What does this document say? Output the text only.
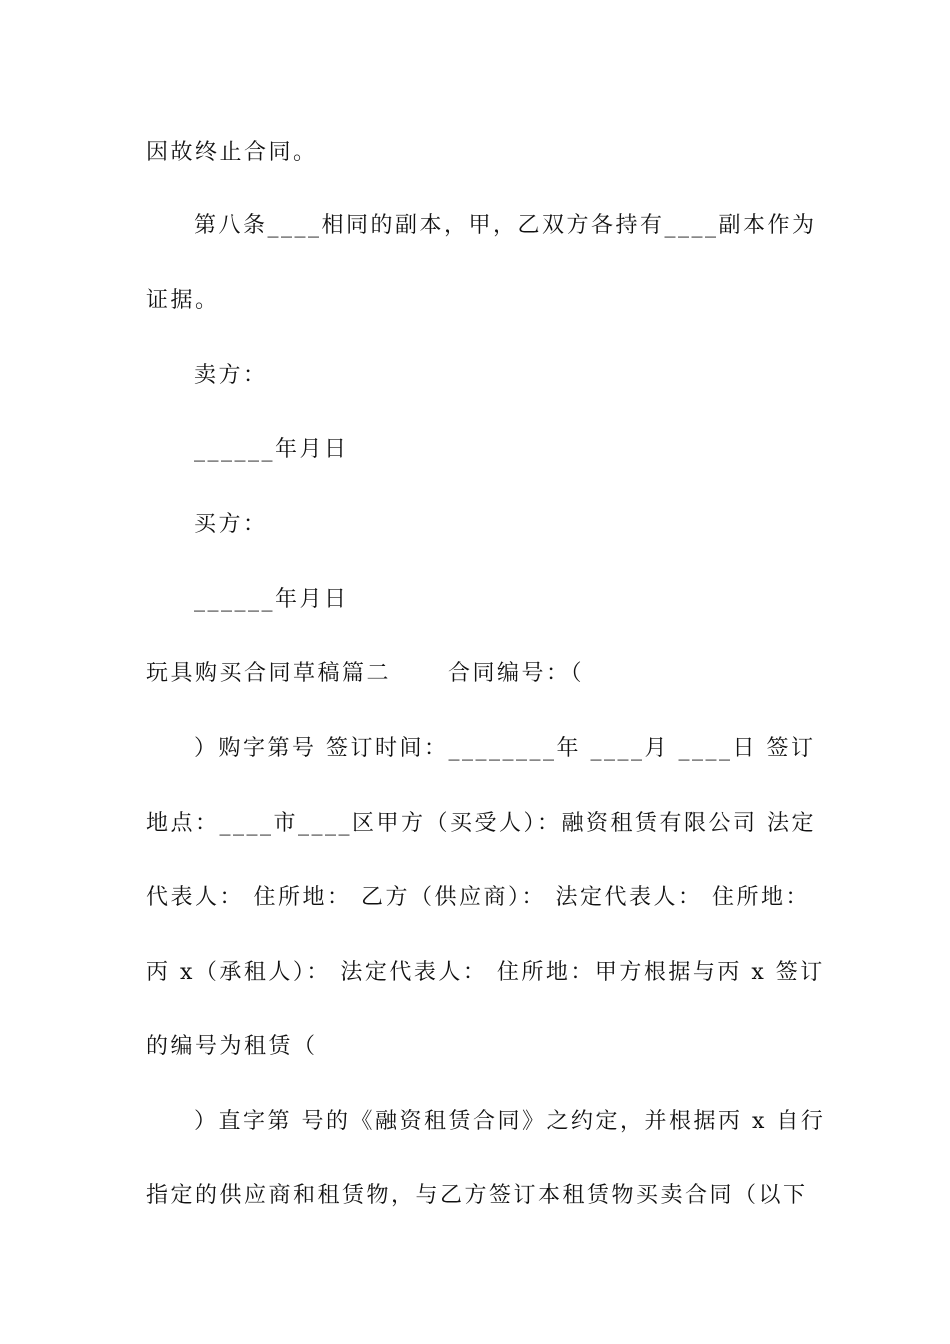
因故终止合同。
第八条____相同的副本，甲，乙双方各持有____副本作为
证据。
卖方：
______年月日
买方：
______年月日
玩具购买合同草稿篇二      合同编号：（
）购字第号 签订时间：________年 ____月 ____日 签订
地点：____市____区甲方（买受人）：融资租赁有限公司 法定
代表人： 住所地： 乙方（供应商）： 法定代表人： 住所地：
丙 x（承租人）： 法定代表人： 住所地：甲方根据与丙 x 签订
的编号为租赁（
）直字第 号的《融资租赁合同》之约定，并根据丙 x 自行
指定的供应商和租赁物，与乙方签订本租赁物买卖合同（以下
